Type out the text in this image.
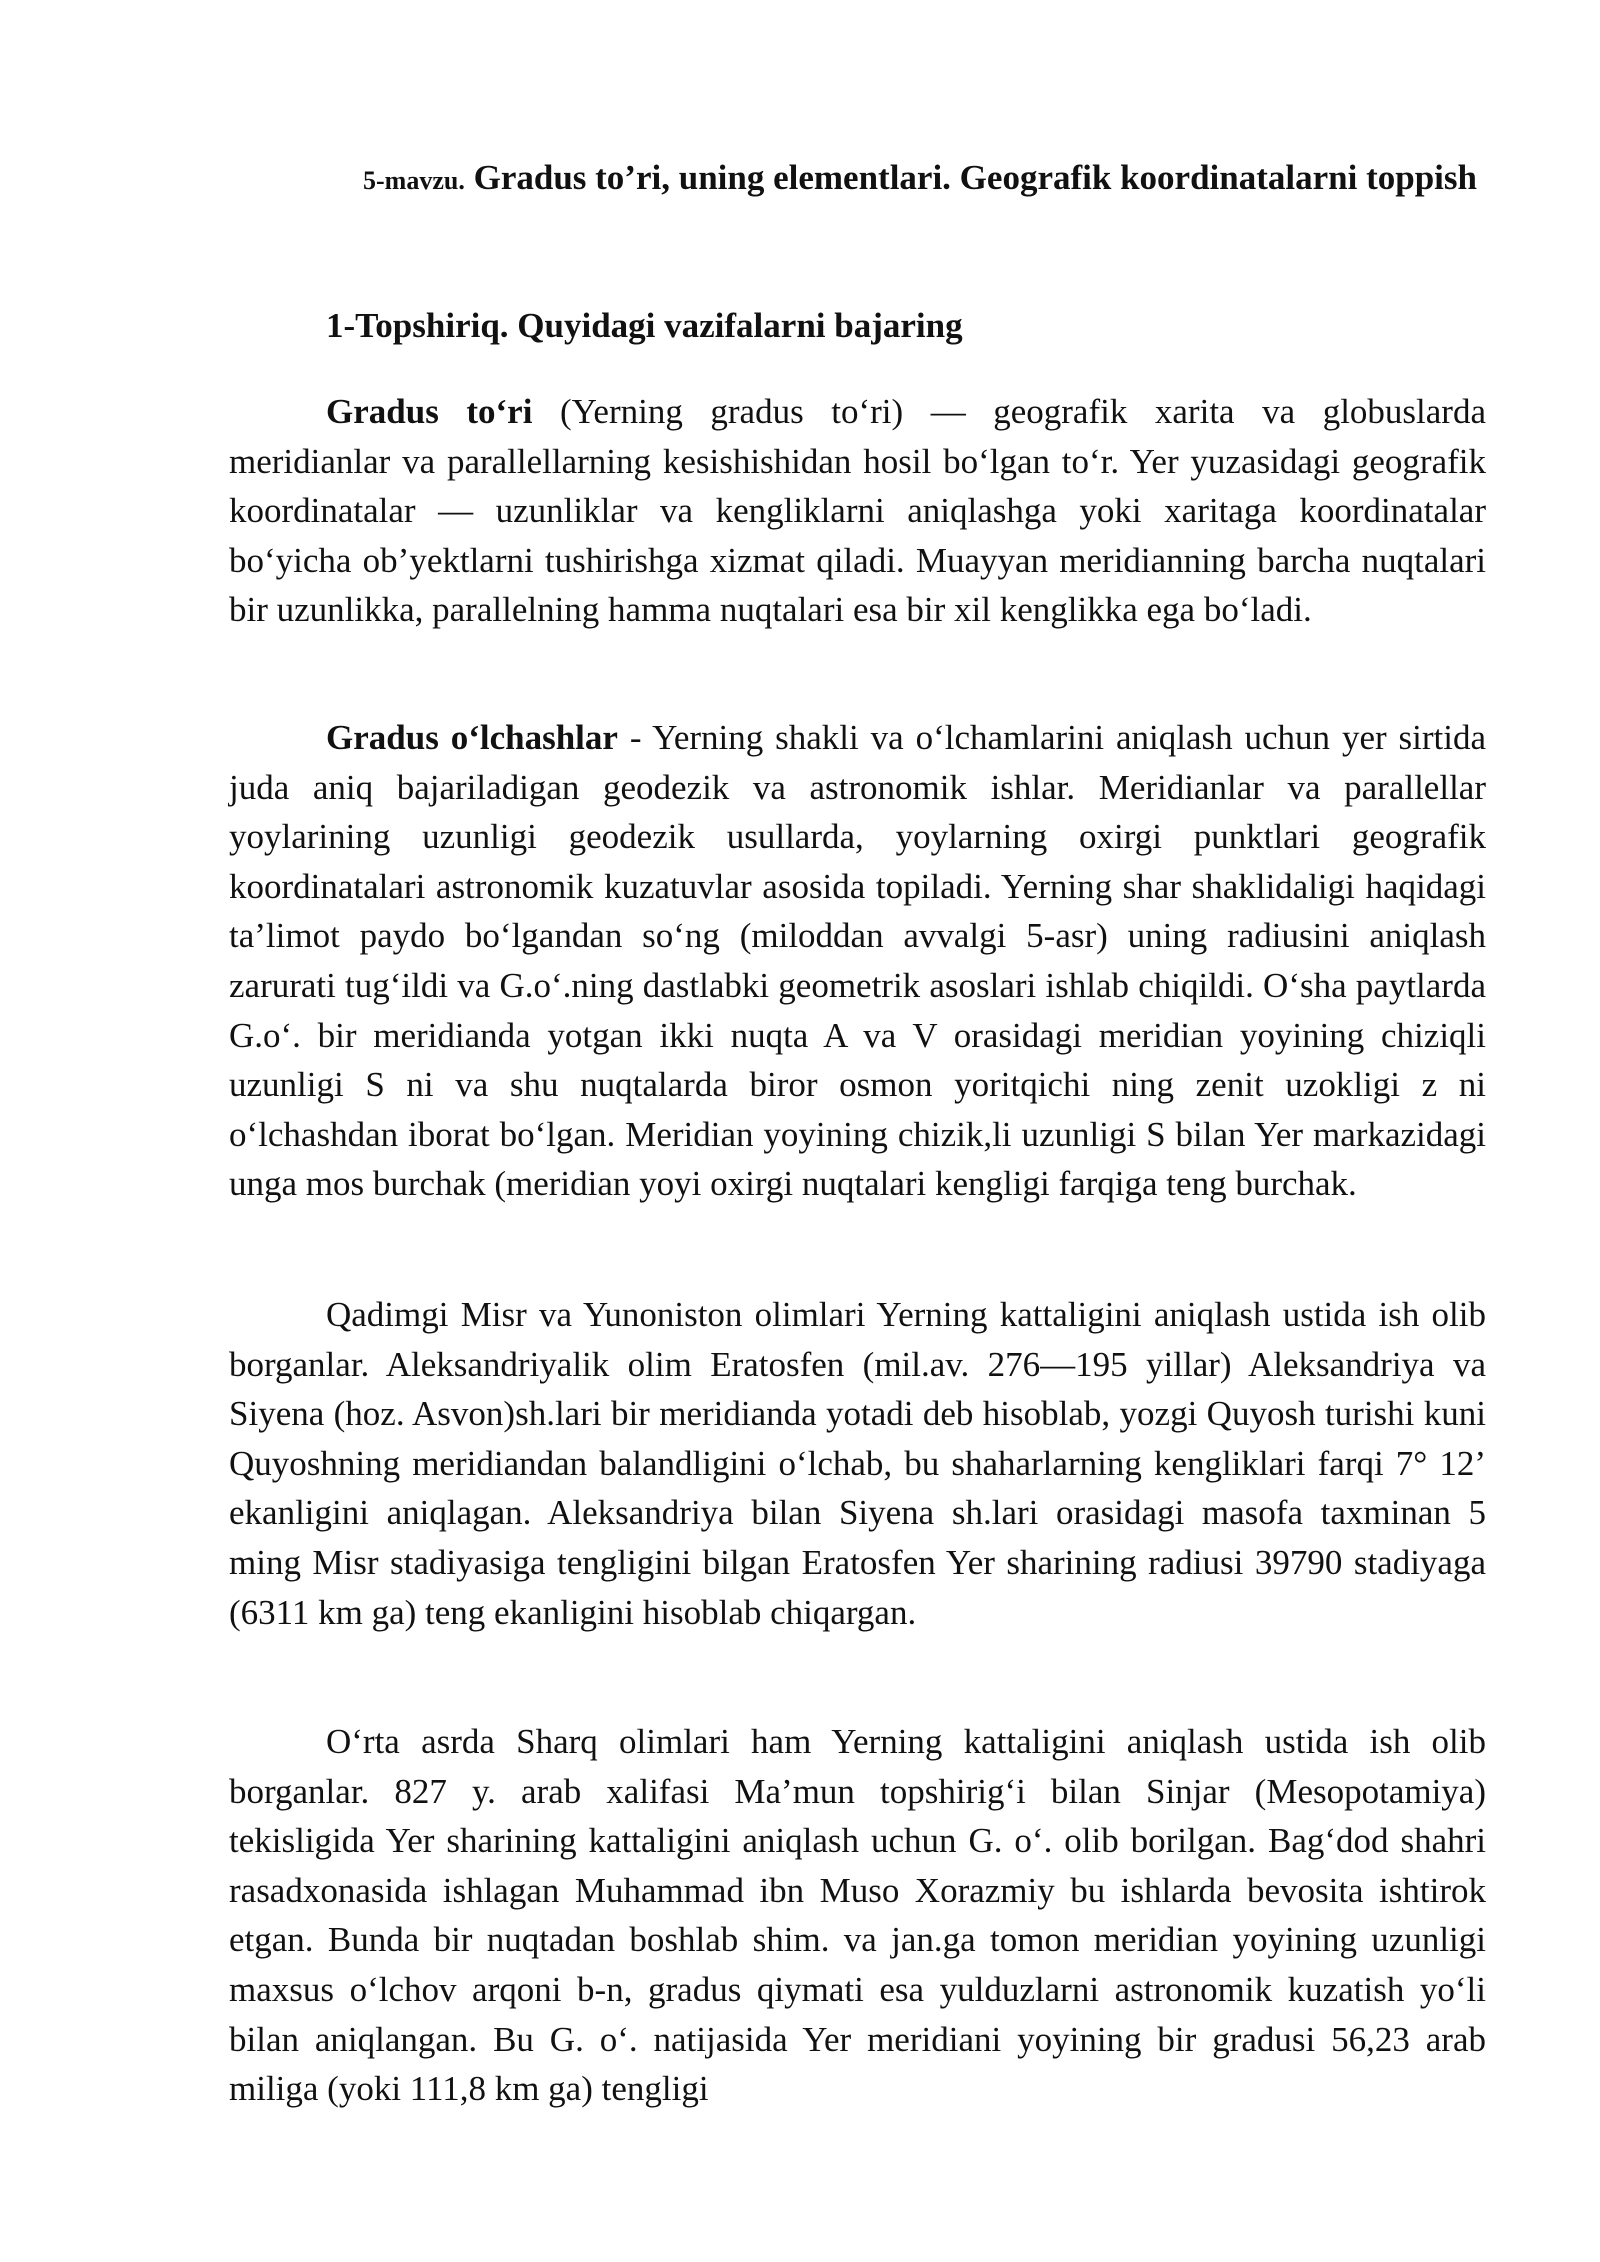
5-mavzu. Gradus to’ri, uning elementlari. Geografik koordinatalarni toppish
1-Topshiriq. Quyidagi vazifalarni bajaring

Gradus to‘ri (Yerning gradus to‘ri) — geografik xarita va globuslarda meridianlar va parallellarning kesishishidan hosil bo‘lgan to‘r. Yer yuzasidagi geografik koordinatalar — uzunliklar va kengliklarni aniqlashga yoki xaritaga koordinatalar bo‘yicha ob’yektlarni tushirishga xizmat qiladi. Muayyan meridianning barcha nuqtalari bir uzunlikka, parallelning hamma nuqtalari esa bir xil kenglikka ega bo‘ladi.

Gradus o‘lchashlar - Yerning shakli va o‘lchamlarini aniqlash uchun yer sirtida juda aniq bajariladigan geodezik va astronomik ishlar. Meridianlar va parallellar yoylarining uzunligi geodezik usullarda, yoylarning oxirgi punktlari geografik koordinatalari astronomik kuzatuvlar asosida topiladi. Yerning shar shaklidaligi haqidagi ta’limot paydo bo‘lgandan so‘ng (miloddan avvalgi 5-asr) uning radiusini aniqlash zarurati tug‘ildi va G.o‘.ning dastlabki geometrik asoslari ishlab chiqildi. O‘sha paytlarda G.o‘. bir meridianda yotgan ikki nuqta A va V orasidagi meridian yoyining chiziqli uzunligi S ni va shu nuqtalarda biror osmon yoritqichi ning zenit uzokligi z ni o‘lchashdan iborat bo‘lgan. Meridian yoyining chizik,li uzunligi S bilan Yer markazidagi unga mos burchak (meridian yoyi oxirgi nuqtalari kengligi farqiga teng burchak.

Qadimgi Misr va Yunoniston olimlari Yerning kattaligini aniqlash ustida ish olib borganlar. Aleksandriyalik olim Eratosfen (mil.av. 276—195 yillar) Aleksandriya va Siyena (hoz. Asvon)sh.lari bir meridianda yotadi deb hisoblab, yozgi Quyosh turishi kuni Quyoshning meridiandan balandligini o‘lchab, bu shaharlarning kengliklari farqi 7° 12’ ekanligini aniqlagan. Aleksandriya bilan Siyena sh.lari orasidagi masofa taxminan 5 ming Misr stadiyasiga tengligini bilgan Eratosfen Yer sharining radiusi 39790 stadiyaga (6311 km ga) teng ekanligini hisoblab chiqargan.

O‘rta asrda Sharq olimlari ham Yerning kattaligini aniqlash ustida ish olib borganlar. 827 y. arab xalifasi Ma’mun topshirig‘i bilan Sinjar (Mesopotamiya) tekisligida Yer sharining kattaligini aniqlash uchun G. o‘. olib borilgan. Bag‘dod shahri rasadxonasida ishlagan Muhammad ibn Muso Xorazmiy bu ishlarda bevosita ishtirok etgan. Bunda bir nuqtadan boshlab shim. va jan.ga tomon meridian yoyining uzunligi maxsus o‘lchov arqoni b-n, gradus qiymati esa yulduzlarni astronomik kuzatish yo‘li bilan aniqlangan. Bu G. o‘. natijasida Yer meridiani yoyining bir gradusi 56,23 arab miliga (yoki 111,8 km ga) tengligi
